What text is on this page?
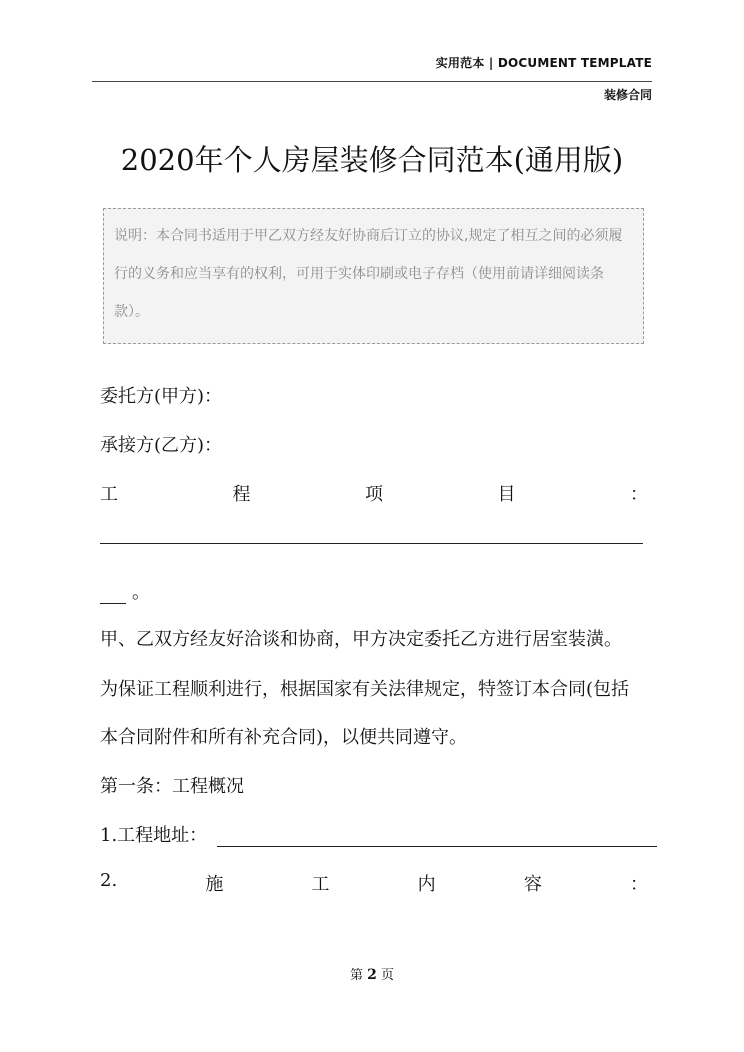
实用范本 | DOCUMENT TEMPLATE
装修合同
2020年个人房屋装修合同范本(通用版)
说明：本合同书适用于甲乙双方经友好协商后订立的协议,规定了相互之间的必须履行的义务和应当享有的权利，可用于实体印刷或电子存档（使用前请详细阅读条款）。
委托方(甲方)：
承接方(乙方)：
工	程	项	目	：
。
甲、乙双方经友好洽谈和协商，甲方决定委托乙方进行居室装潢。
为保证工程顺利进行，根据国家有关法律规定，特签订本合同(包括
本合同附件和所有补充合同)，以便共同遵守。
第一条：工程概况
1.工程地址：
2.	施	工	内	容	：
第 2 页
